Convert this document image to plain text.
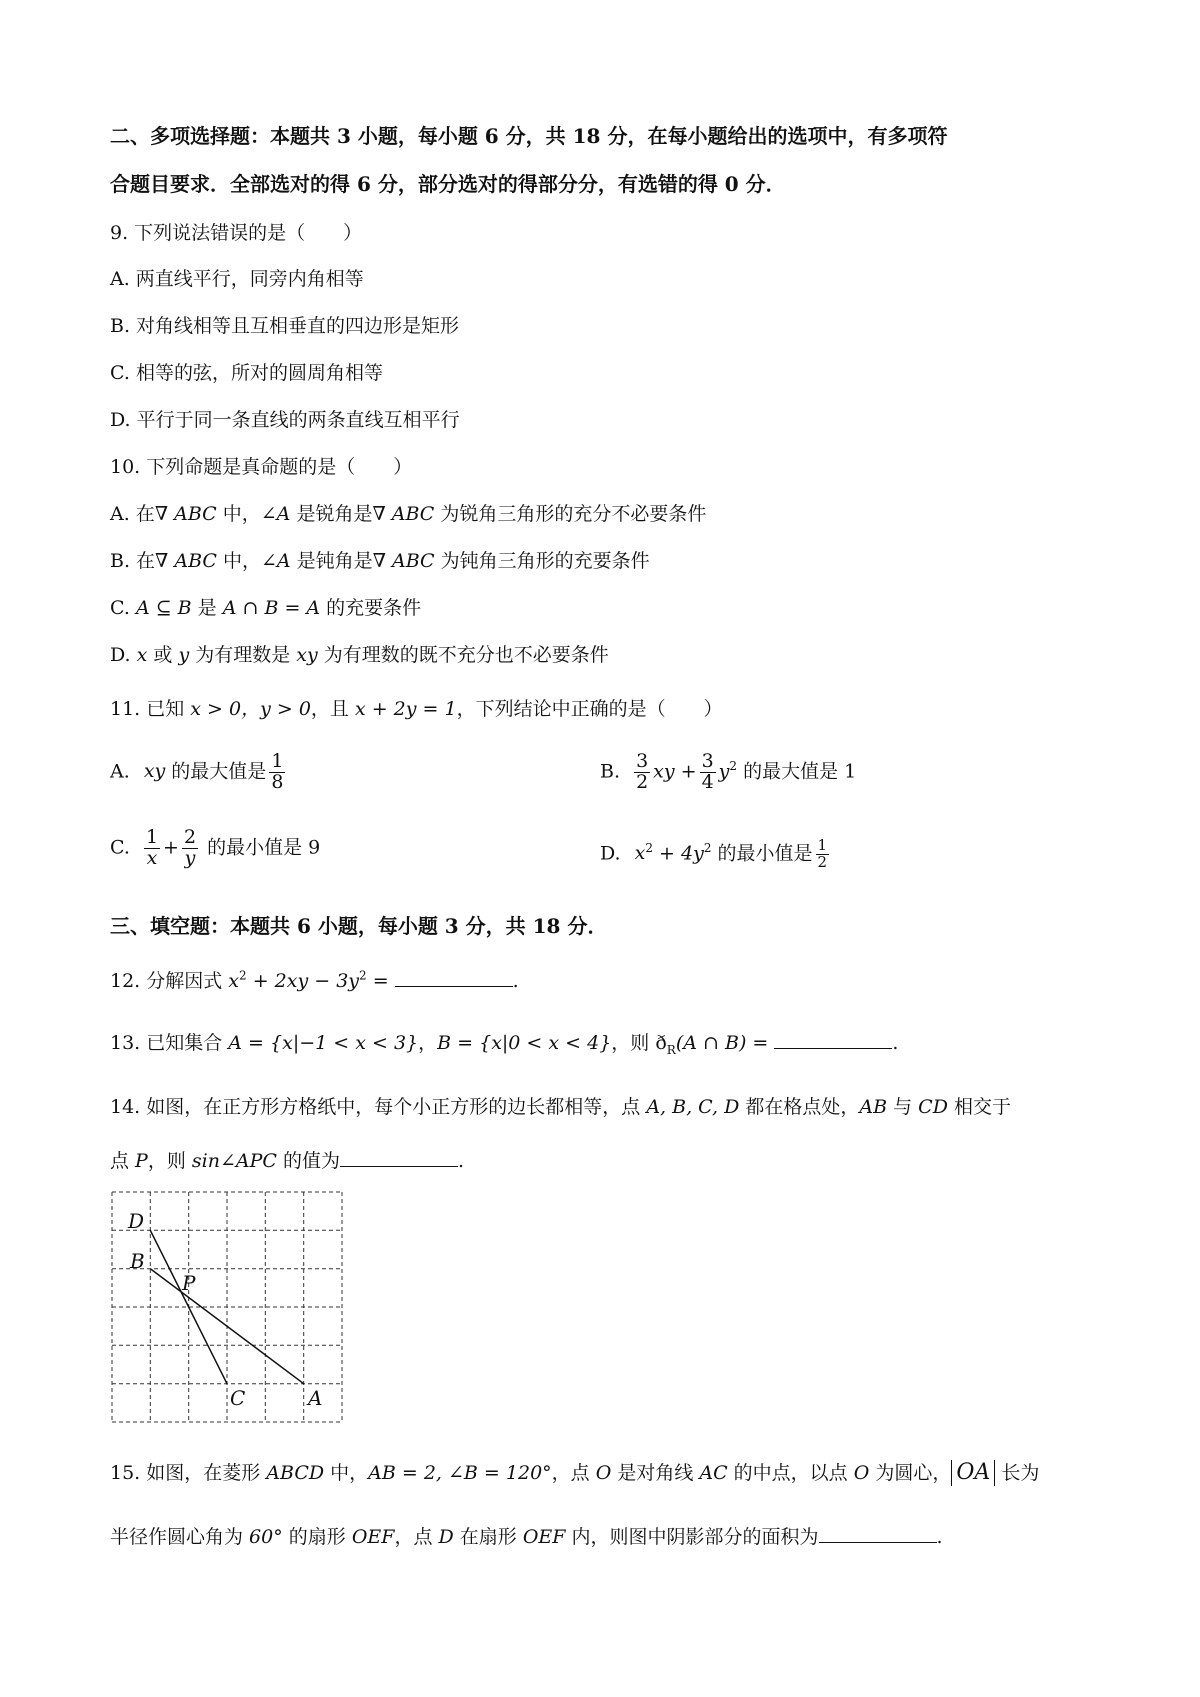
二、多项选择题：本题共 3 小题，每小题 6 分，共 18 分，在每小题给出的选项中，有多项符
合题目要求．全部选对的得 6 分，部分选对的得部分分，有选错的得 0 分．
9. 下列说法错误的是（　　）
A. 两直线平行，同旁内角相等
B. 对角线相等且互相垂直的四边形是矩形
C. 相等的弦，所对的圆周角相等
D. 平行于同一条直线的两条直线互相平行
10. 下列命题是真命题的是（　　）
A. 在∇ ABC 中，∠A 是锐角是∇ ABC 为锐角三角形的充分不必要条件
B. 在∇ ABC 中，∠A 是钝角是∇ ABC 为钝角三角形的充要条件
C. A ⊆ B 是 A ∩ B = A 的充要条件
D. x 或 y 为有理数是 xy 为有理数的既不充分也不必要条件
11. 已知 x > 0，y > 0，且 x + 2y = 1，下列结论中正确的是（　　）
A. xy 的最大值是 $\frac{1}{8}$	B. $\frac{3}{2}$ xy + $\frac{3}{4} y^2$ 的最大值是 1
C. $\frac{1}{x} + \frac{2}{y}$ 的最小值是 9	D. $x^2 + 4y^2$ 的最小值是 $\frac{1}{2}$
三、填空题：本题共 6 小题，每小题 3 分，共 18 分．
12. 分解因式 $x^2 + 2xy - 3y^2$ =	.
13. 已知集合 A = {x|−1 < x < 3}，B = {x|0 < x < 4}，则 $ð_R(A$ ∩ B) =	.
14. 如图，在正方形方格纸中，每个小正方形的边长都相等，点 A, B, C, D 都在格点处，AB 与 CD 相交于
点 P，则 sin∠APC 的值为	.
D
B
P
C	A
15. 如图，在菱形 ABCD 中，AB = 2, ∠B = 120°，点 O 是对角线 AC 的中点，以点 O 为圆心， OA 长为
半径作圆心角为 60° 的扇形 OEF，点 D 在扇形 OEF 内，则图中阴影部分的面积为	.
